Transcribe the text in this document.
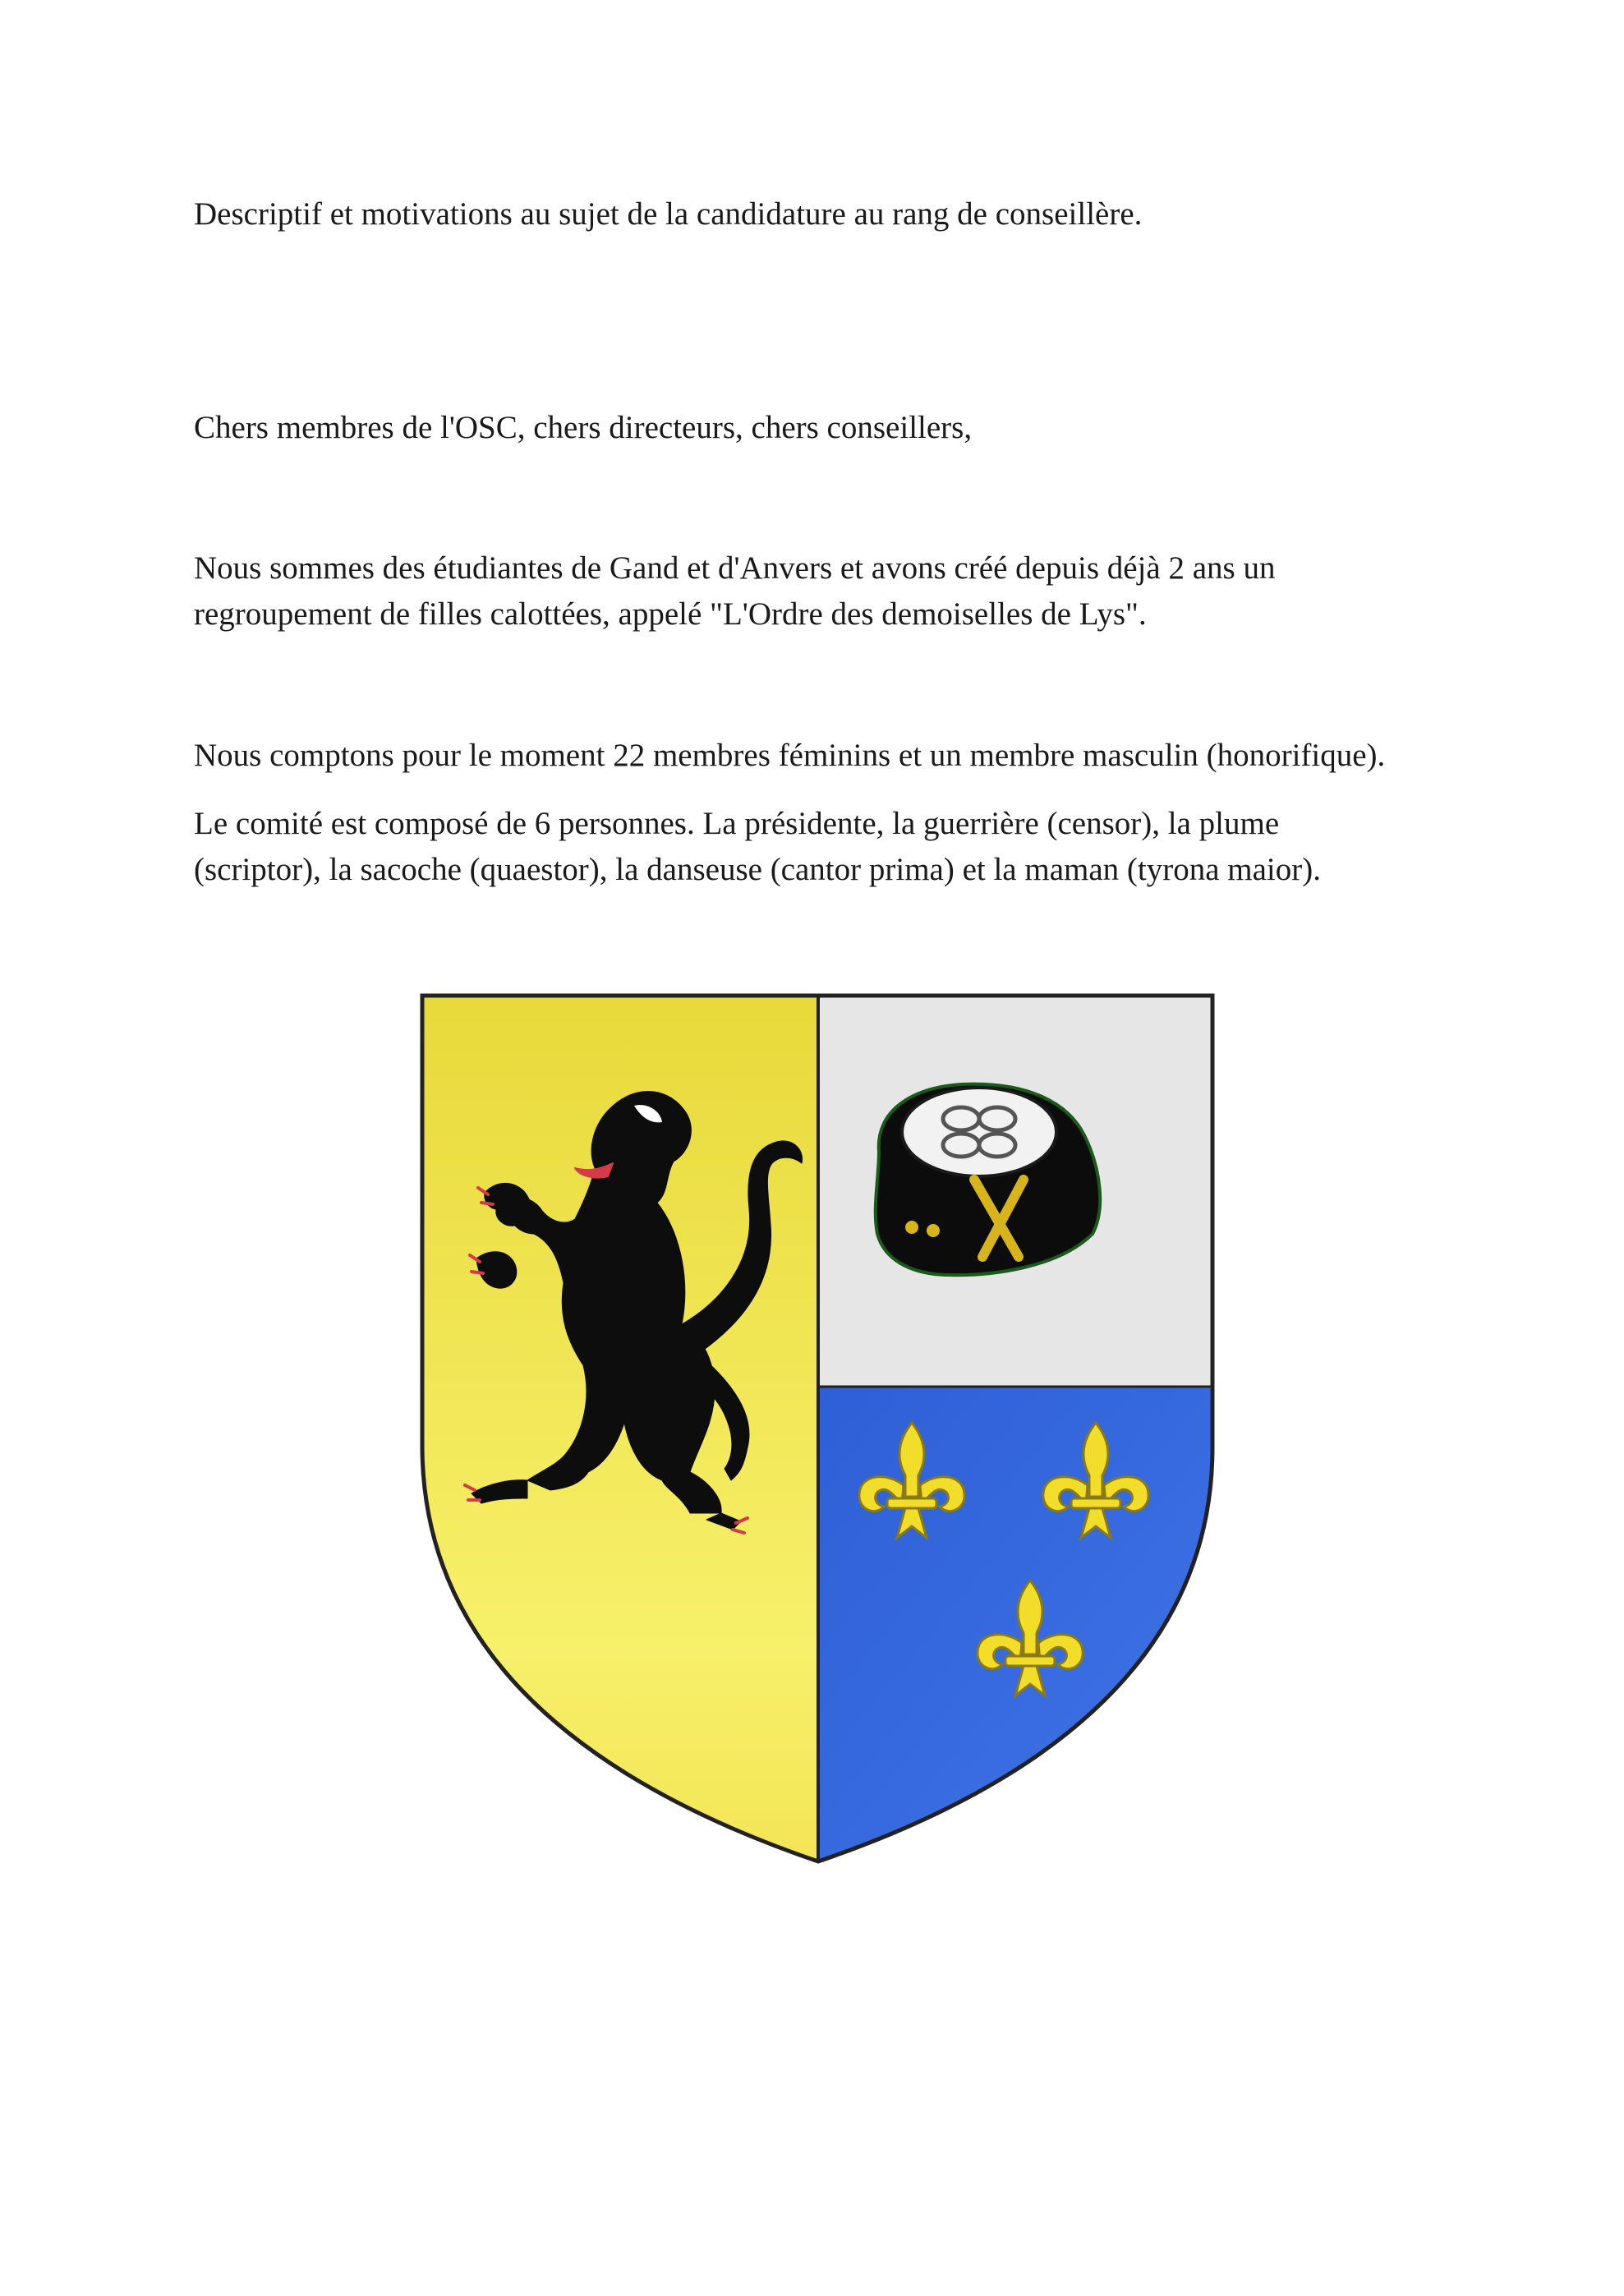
Descriptif et motivations au sujet de la candidature au rang de conseillère.

Chers membres de l'OSC, chers directeurs, chers conseillers,

Nous sommes des étudiantes de Gand et d'Anvers et avons créé depuis déjà 2 ans un
regroupement de filles calottées, appelé "L'Ordre des demoiselles de Lys".

Nous comptons pour le moment 22 membres féminins et un membre masculin (honorifique).

Le comité est composé de 6 personnes. La présidente, la guerrière (censor), la plume
(scriptor), la sacoche (quaestor), la danseuse (cantor prima) et la maman (tyrona maior).
